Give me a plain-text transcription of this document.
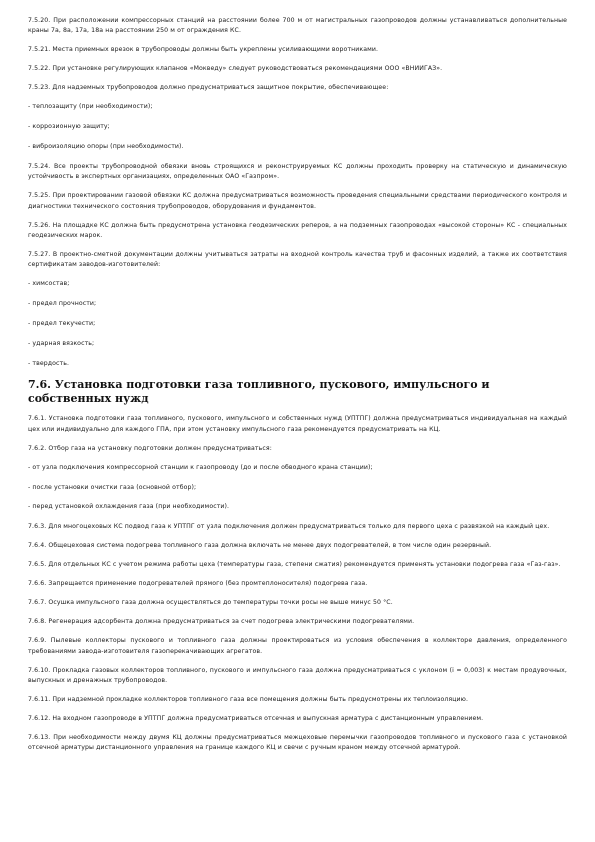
7.5.20. При расположении компрессорных станций на расстоянии более 700 м от магистральных газопроводов должны устанавливаться дополнительные краны 7а, 8а, 17а, 18а на расстоянии 250 м от ограждения КС.

7.5.21. Места приемных врезок в трубопроводы должны быть укреплены усиливающими воротниками.

7.5.22. При установке регулирующих клапанов «Мокведу» следует руководствоваться рекомендациями ООО «ВНИИГАЗ».

7.5.23. Для надземных трубопроводов должно предусматриваться защитное покрытие, обеспечивающее:

- теплозащиту (при необходимости);

- коррозионную защиту;

- виброизоляцию опоры (при необходимости).

7.5.24. Все проекты трубопроводной обвязки вновь строящихся и реконструируемых КС должны проходить проверку на статическую и динамическую устойчивость в экспертных организациях, определенных ОАО «Газпром».

7.5.25. При проектировании газовой обвязки КС должна предусматриваться возможность проведения специальными средствами периодического контроля и диагностики технического состояния трубопроводов, оборудования и фундаментов.

7.5.26. На площадке КС должна быть предусмотрена установка геодезических реперов, а на подземных газопроводах «высокой стороны» КС - специальных геодезических марок.

7.5.27. В проектно-сметной документации должны учитываться затраты на входной контроль качества труб и фасонных изделий, а также их соответствия сертификатам заводов-изготовителей:

- химсостав;

- предел прочности;

- предел текучести;

- ударная вязкость;

- твердость.

7.6. Установка подготовки газа топливного, пускового, импульсного и собственных нужд

7.6.1. Установка подготовки газа топливного, пускового, импульсного и собственных нужд (УПТПГ) должна предусматриваться индивидуальная на каждый цех или индивидуально для каждого ГПА, при этом установку импульсного газа рекомендуется предусматривать на КЦ.

7.6.2. Отбор газа на установку подготовки должен предусматриваться:

- от узла подключения компрессорной станции к газопроводу (до и после обводного крана станции);

- после установки очистки газа (основной отбор);

- перед установкой охлаждения газа (при необходимости).

7.6.3. Для многоцеховых КС подвод газа к УПТПГ от узла подключения должен предусматриваться только для первого цеха с развязкой на каждый цех.

7.6.4. Общецеховая система подогрева топливного газа должна включать не менее двух подогревателей, в том числе один резервный.

7.6.5. Для отдельных КС с учетом режима работы цеха (температуры газа, степени сжатия) рекомендуется применять установки подогрева газа «Газ-газ».

7.6.6. Запрещается применение подогревателей прямого (без промтеплоносителя) подогрева газа.

7.6.7. Осушка импульсного газа должна осуществляться до температуры точки росы не выше минус 50 °С.

7.6.8. Регенерация адсорбента должна предусматриваться за счет подогрева электрическими подогревателями.

7.6.9. Пылевые коллекторы пускового и топливного газа должны проектироваться из условия обеспечения в коллекторе давления, определенного требованиями завода-изготовителя газоперекачивающих агрегатов.

7.6.10. Прокладка газовых коллекторов топливного, пускового и импульсного газа должна предусматриваться с уклоном (i = 0,003) к местам продувочных, выпускных и дренажных трубопроводов.

7.6.11. При надземной прокладке коллекторов топливного газа все помещения должны быть предусмотрены их теплоизоляцию.

7.6.12. На входном газопроводе в УПТПГ должна предусматриваться отсечная и выпускная арматура с дистанционным управлением.

7.6.13. При необходимости между двумя КЦ должны предусматриваться межцеховые перемычки газопроводов топливного и пускового газа с установкой отсечной арматуры дистанционного управления на границе каждого КЦ и свечи с ручным краном между отсечной арматурой.
